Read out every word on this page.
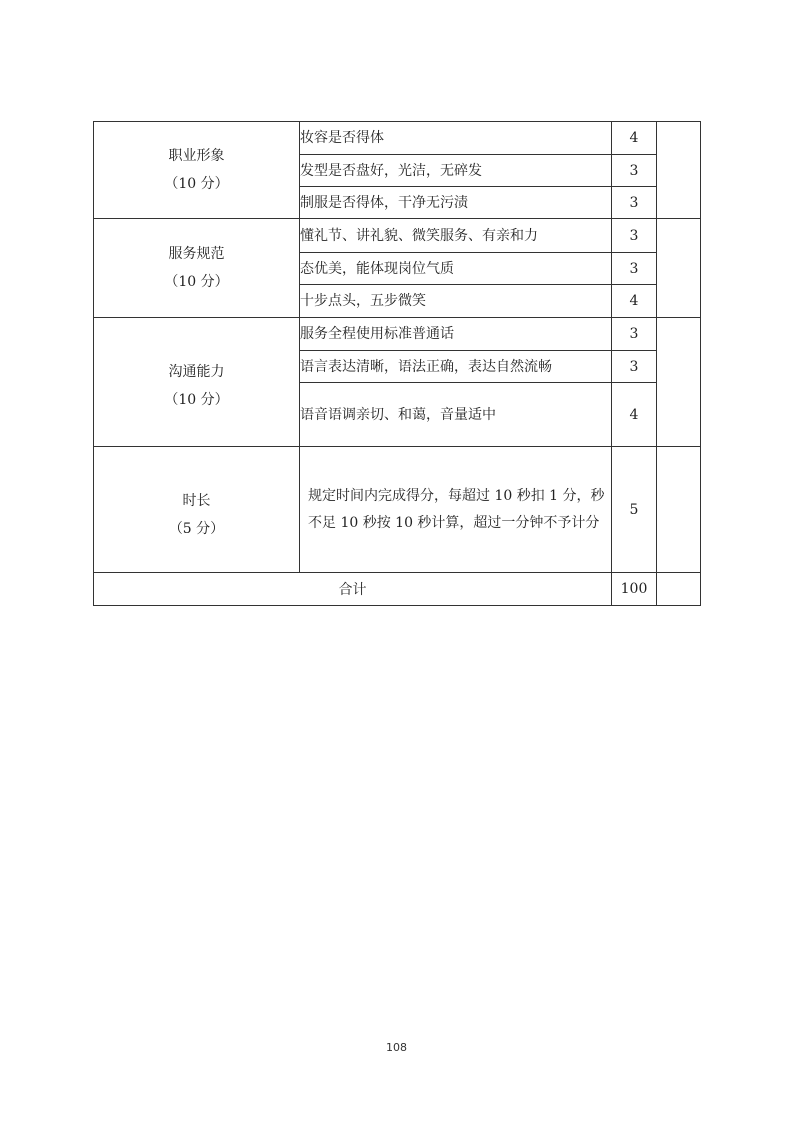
职业形象
（10 分）	妆容是否得体	4	
	发型是否盘好，光洁，无碎发	3	
	制服是否得体，干净无污渍	3	

服务规范
（10 分）	懂礼节、讲礼貌、微笑服务、有亲和力	3	
	态优美，能体现岗位气质	3	
	十步点头，五步微笑	4	

沟通能力
（10 分）	服务全程使用标准普通话	3	
	语言表达清晰，语法正确，表达自然流畅	3	
	语音语调亲切、和蔼，音量适中	4	

时长
（5 分）	规定时间内完成得分，每超过 10 秒扣 1 分，秒不足 10 秒按 10 秒计算，超过一分钟不予计分	5	
合计		100	
108
